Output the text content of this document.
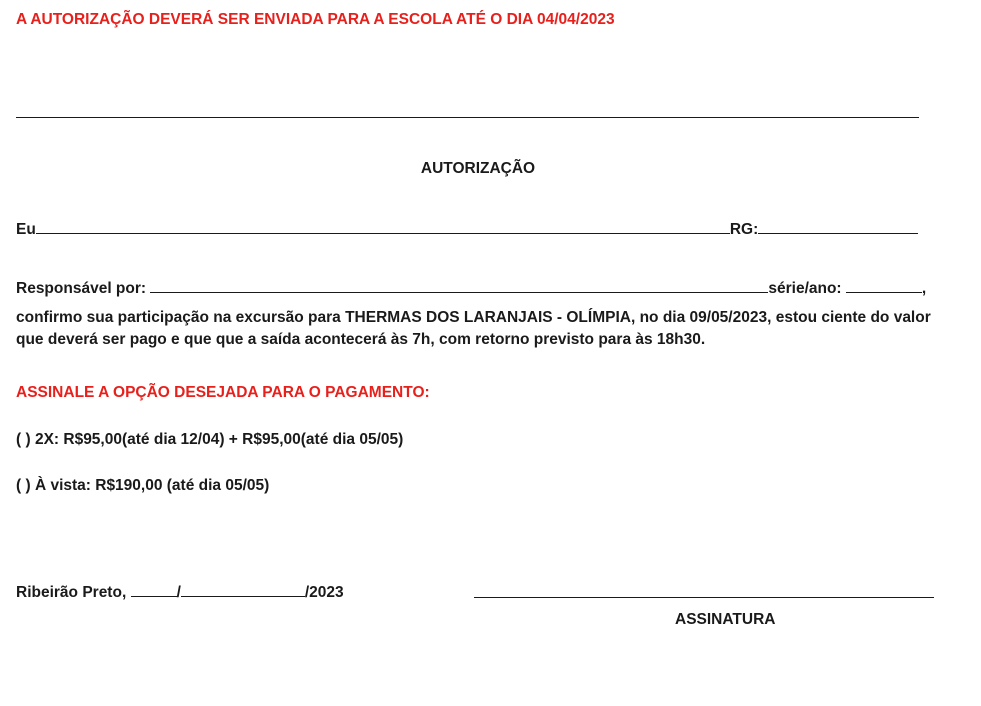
A AUTORIZAÇÃO DEVERÁ SER ENVIADA PARA A ESCOLA ATÉ O DIA 04/04/2023
AUTORIZAÇÃO
Eu	RG:
Responsável por:	série/ano:	,
confirmo sua participação na excursão para THERMAS DOS LARANJAIS - OLÍMPIA, no dia 09/05/2023, estou ciente do valor que deverá ser pago e que que a saída acontecerá às 7h, com retorno previsto para às 18h30.
ASSINALE A OPÇÃO DESEJADA PARA O PAGAMENTO:
( ) 2X: R$95,00(até dia 12/04) + R$95,00(até dia 05/05)
( ) À vista: R$190,00 (até dia 05/05)
Ribeirão Preto,	/	/2023
ASSINATURA
